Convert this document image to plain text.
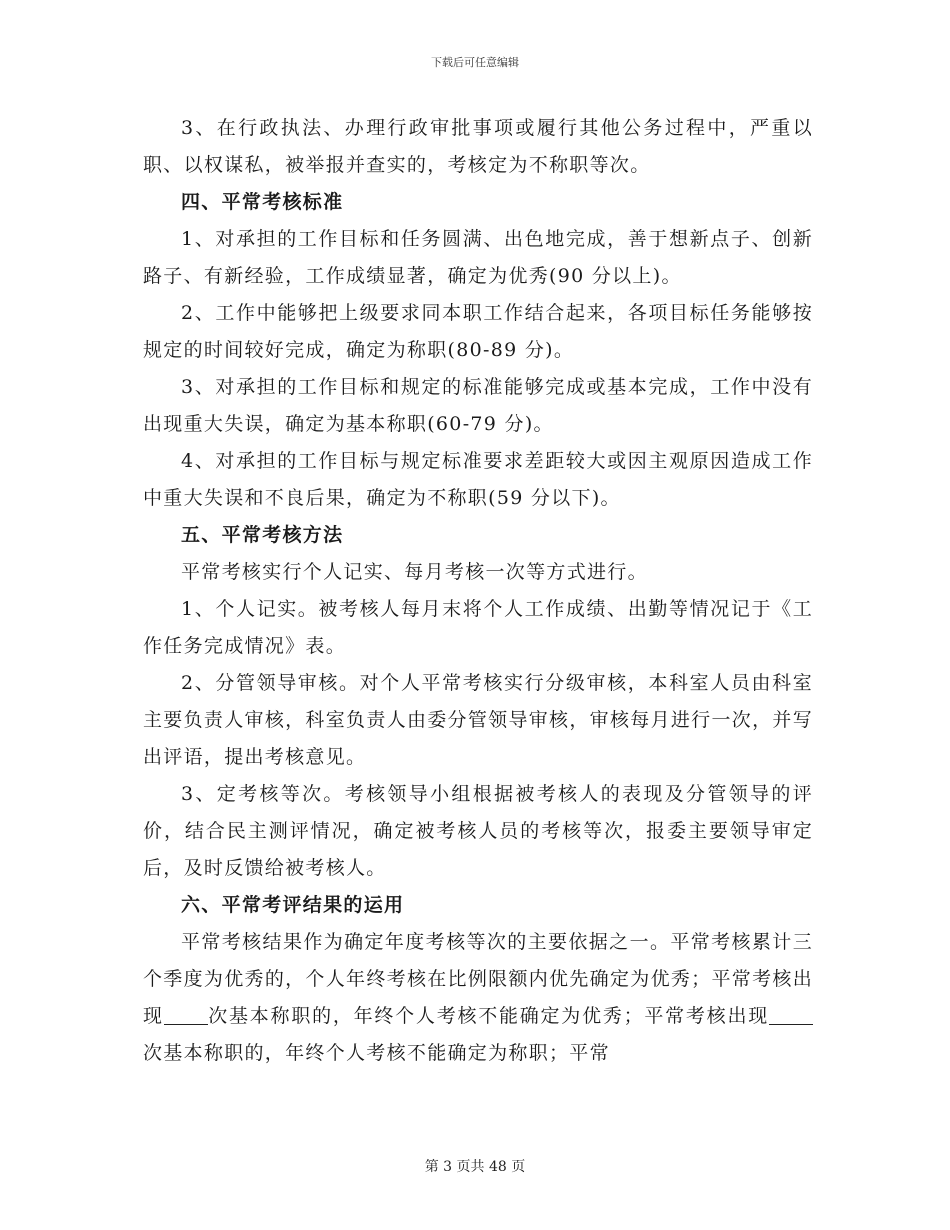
下载后可任意编辑

3、在行政执法、办理行政审批事项或履行其他公务过程中，严重以职、以权谋私，被举报并查实的，考核定为不称职等次。

四、平常考核标准

1、对承担的工作目标和任务圆满、出色地完成，善于想新点子、创新路子、有新经验，工作成绩显著，确定为优秀(90 分以上)。

2、工作中能够把上级要求同本职工作结合起来，各项目标任务能够按规定的时间较好完成，确定为称职(80-89 分)。

3、对承担的工作目标和规定的标准能够完成或基本完成，工作中没有出现重大失误，确定为基本称职(60-79 分)。

4、对承担的工作目标与规定标准要求差距较大或因主观原因造成工作中重大失误和不良后果，确定为不称职(59 分以下)。

五、平常考核方法

平常考核实行个人记实、每月考核一次等方式进行。

1、个人记实。被考核人每月末将个人工作成绩、出勤等情况记于《工作任务完成情况》表。

2、分管领导审核。对个人平常考核实行分级审核，本科室人员由科室主要负责人审核，科室负责人由委分管领导审核，审核每月进行一次，并写出评语，提出考核意见。

3、定考核等次。考核领导小组根据被考核人的表现及分管领导的评价，结合民主测评情况，确定被考核人员的考核等次，报委主要领导审定后，及时反馈给被考核人。

六、平常考评结果的运用

平常考核结果作为确定年度考核等次的主要依据之一。平常考核累计三个季度为优秀的，个人年终考核在比例限额内优先确定为优秀；平常考核出现 次基本称职的，年终个人考核不能确定为优秀；平常考核出现次基本称职的，年终个人考核不能确定为称职；平常

第 3 页共 48 页
